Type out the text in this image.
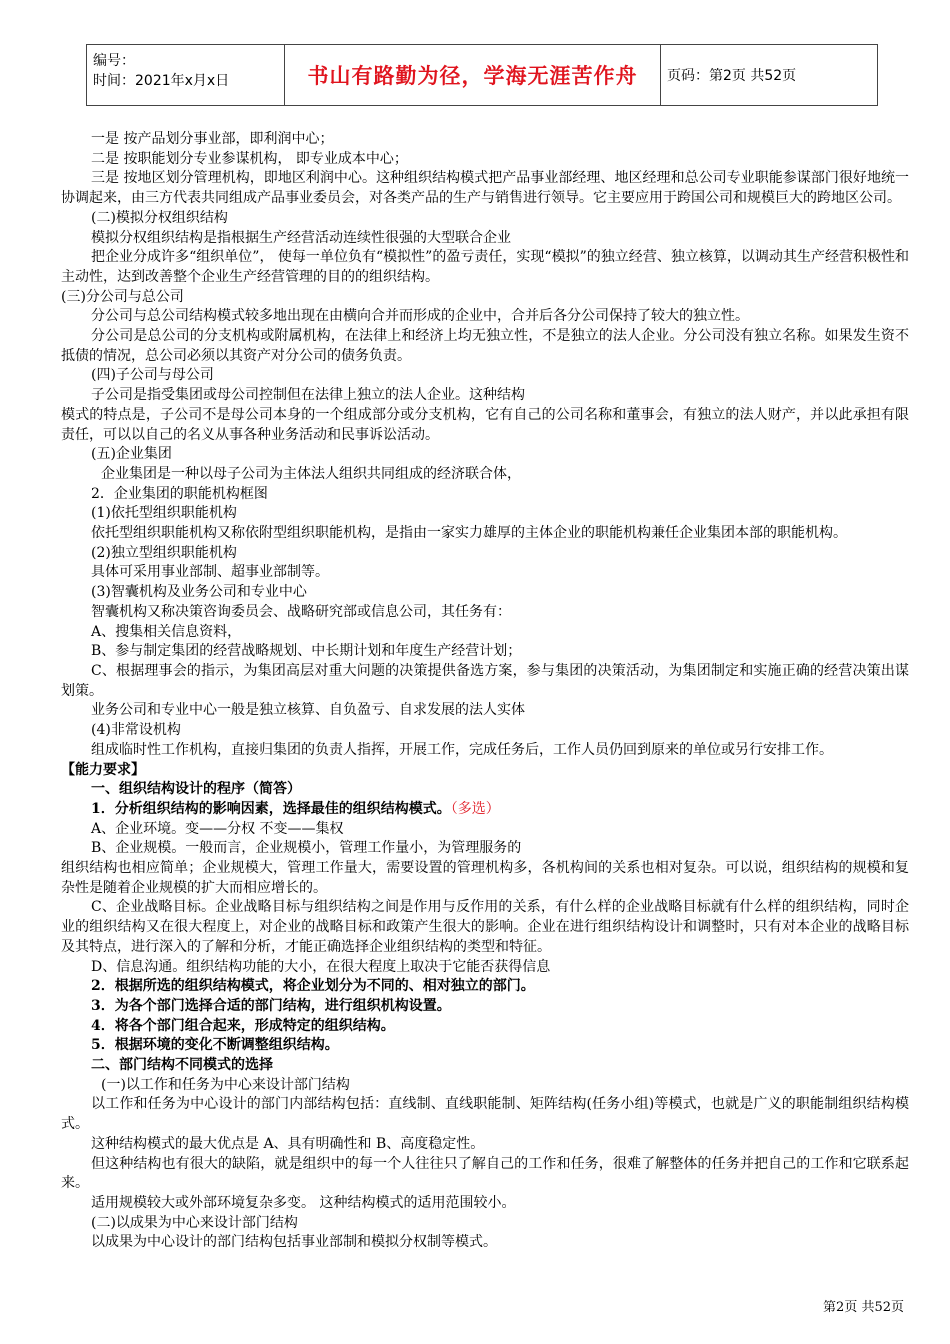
编号：
时间：2021年x月x日	书山有路勤为径，学海无涯苦作舟	页码：第2页 共52页

一是 按产品划分事业部，即利润中心；

二是 按职能划分专业参谋机构， 即专业成本中心；

三是 按地区划分管理机构，即地区利润中心。这种组织结构模式把产品事业部经理、地区经理和总公司专业职能参谋部门很好地统一协调起来，由三方代表共同组成产品事业委员会，对各类产品的生产与销售进行领导。它主要应用于跨国公司和规模巨大的跨地区公司。

(二)模拟分权组织结构

模拟分权组织结构是指根据生产经营活动连续性很强的大型联合企业

把企业分成许多“组织单位”， 使每一单位负有“模拟性”的盈亏责任，实现“模拟”的独立经营、独立核算，以调动其生产经营积极性和主动性，达到改善整个企业生产经营管理的目的的组织结构。

(三)分公司与总公司

分公司与总公司结构模式较多地出现在由横向合并而形成的企业中，合并后各分公司保持了较大的独立性。

分公司是总公司的分支机构或附属机构，在法律上和经济上均无独立性，不是独立的法人企业。分公司没有独立名称。如果发生资不抵债的情况，总公司必须以其资产对分公司的债务负责。

(四)子公司与母公司

子公司是指受集团或母公司控制但在法律上独立的法人企业。这种结构

模式的特点是，子公司不是母公司本身的一个组成部分或分支机构，它有自己的公司名称和董事会，有独立的法人财产，并以此承担有限责任，可以以自己的名义从事各种业务活动和民事诉讼活动。

(五)企业集团

企业集团是一种以母子公司为主体法人组织共同组成的经济联合体，

2．企业集团的职能机构框图

(1)依托型组织职能机构

依托型组织职能机构又称依附型组织职能机构，是指由一家实力雄厚的主体企业的职能机构兼任企业集团本部的职能机构。

(2)独立型组织职能机构

具体可采用事业部制、超事业部制等。

(3)智囊机构及业务公司和专业中心

智囊机构又称决策咨询委员会、战略研究部或信息公司，其任务有：

A、搜集相关信息资料，

B、参与制定集团的经营战略规划、中长期计划和年度生产经营计划；

C、根据理事会的指示，为集团高层对重大问题的决策提供备选方案，参与集团的决策活动，为集团制定和实施正确的经营决策出谋划策。

业务公司和专业中心一般是独立核算、自负盈亏、自求发展的法人实体

(4)非常设机构

组成临时性工作机构，直接归集团的负责人指挥，开展工作，完成任务后，工作人员仍回到原来的单位或另行安排工作。

【能力要求】

一、组织结构设计的程序（简答）

1．分析组织结构的影响因素，选择最佳的组织结构模式。（多选）

A、企业环境。变——分权 不变——集权

B、企业规模。一般而言，企业规模小，管理工作量小，为管理服务的

组织结构也相应简单；企业规模大，管理工作量大，需要设置的管理机构多，各机构间的关系也相对复杂。可以说，组织结构的规模和复杂性是随着企业规模的扩大而相应增长的。

C、企业战略目标。企业战略目标与组织结构之间是作用与反作用的关系，有什么样的企业战略目标就有什么样的组织结构，同时企业的组织结构又在很大程度上，对企业的战略目标和政策产生很大的影响。企业在进行组织结构设计和调整时，只有对本企业的战略目标及其特点，进行深入的了解和分析，才能正确选择企业组织结构的类型和特征。

D、信息沟通。组织结构功能的大小，在很大程度上取决于它能否获得信息

2．根据所选的组织结构模式，将企业划分为不同的、相对独立的部门。

3．为各个部门选择合适的部门结构，进行组织机构设置。

4．将各个部门组合起来，形成特定的组织结构。

5．根据环境的变化不断调整组织结构。

二、部门结构不同模式的选择

(一)以工作和任务为中心来设计部门结构

以工作和任务为中心设计的部门内部结构包括：直线制、直线职能制、矩阵结构(任务小组)等模式，也就是广义的职能制组织结构模式。

这种结构模式的最大优点是 A、具有明确性和 B、高度稳定性。

但这种结构也有很大的缺陷，就是组织中的每一个人往往只了解自己的工作和任务，很难了解整体的任务并把自己的工作和它联系起来。

适用规模较大或外部环境复杂多变。 这种结构模式的适用范围较小。

(二)以成果为中心来设计部门结构

以成果为中心设计的部门结构包括事业部制和模拟分权制等模式。

第2页 共52页
